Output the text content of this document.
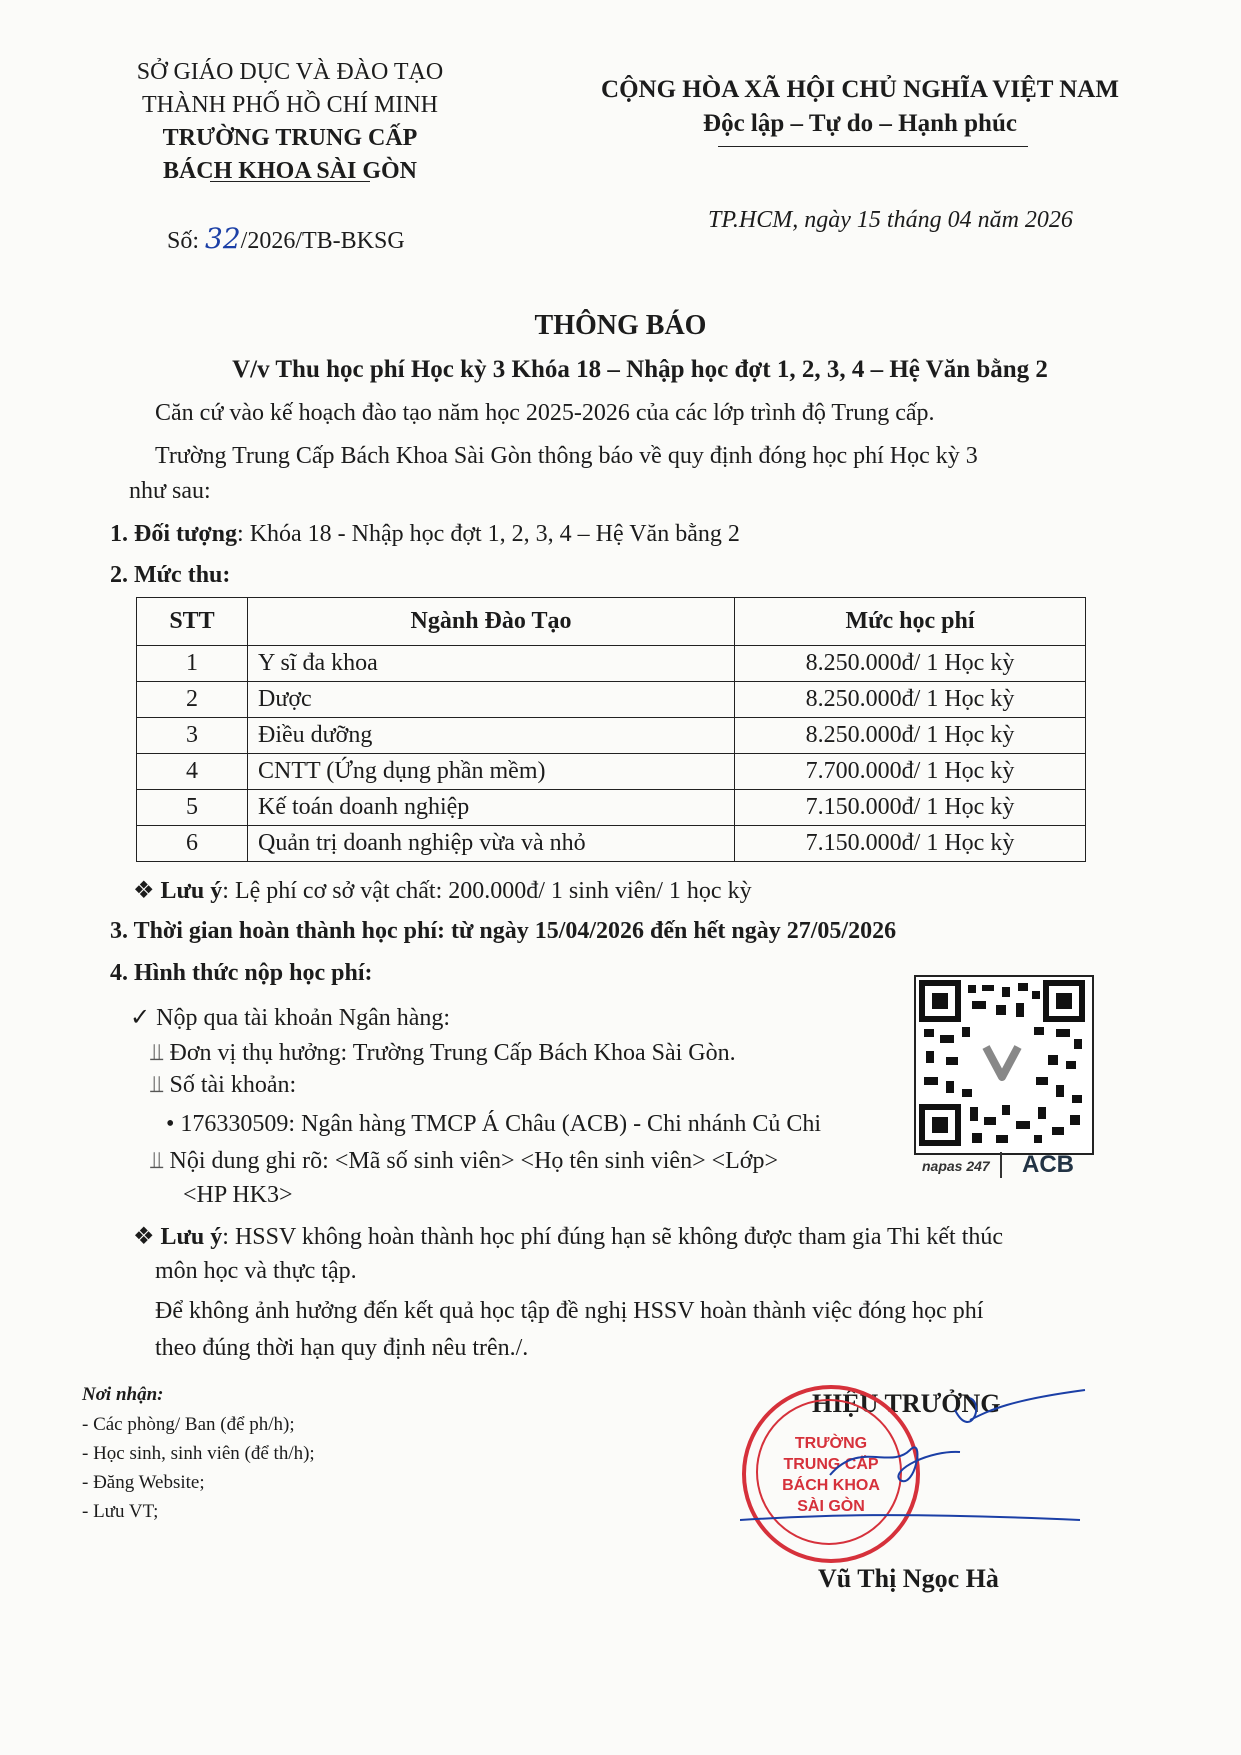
SỞ GIÁO DỤC VÀ ĐÀO TẠO
THÀNH PHỐ HỒ CHÍ MINH
TRƯỜNG TRUNG CẤP
BÁCH KHOA SÀI GÒN
Số: 32/2026/TB-BKSG
CỘNG HÒA XÃ HỘI CHỦ NGHĨA VIỆT NAM
Độc lập – Tự do – Hạnh phúc
TP.HCM, ngày 15 tháng 04 năm 2026
THÔNG BÁO
V/v Thu học phí Học kỳ 3 Khóa 18 – Nhập học đợt 1, 2, 3, 4 – Hệ Văn bằng 2
Căn cứ vào kế hoạch đào tạo năm học 2025-2026 của các lớp trình độ Trung cấp.
Trường Trung Cấp Bách Khoa Sài Gòn thông báo về quy định đóng học phí Học kỳ 3
như sau:
1. Đối tượng: Khóa 18 - Nhập học đợt 1, 2, 3, 4 – Hệ Văn bằng 2
2. Mức thu:
STT	Ngành Đào Tạo	Mức học phí
1	Y sĩ đa khoa	8.250.000đ/ 1 Học kỳ
2	Dược	8.250.000đ/ 1 Học kỳ
3	Điều dưỡng	8.250.000đ/ 1 Học kỳ
4	CNTT (Ứng dụng phần mềm)	7.700.000đ/ 1 Học kỳ
5	Kế toán doanh nghiệp	7.150.000đ/ 1 Học kỳ
6	Quản trị doanh nghiệp vừa và nhỏ	7.150.000đ/ 1 Học kỳ
❖ Lưu ý: Lệ phí cơ sở vật chất: 200.000đ/ 1 sinh viên/ 1 học kỳ
3. Thời gian hoàn thành học phí: từ ngày 15/04/2026 đến hết ngày 27/05/2026
4. Hình thức nộp học phí:
✓ Nộp qua tài khoản Ngân hàng:
⫫ Đơn vị thụ hưởng: Trường Trung Cấp Bách Khoa Sài Gòn.
⫫ Số tài khoản:
• 176330509: Ngân hàng TMCP Á Châu (ACB) - Chi nhánh Củ Chi
⫫ Nội dung ghi rõ: <Mã số sinh viên> <Họ tên sinh viên> <Lớp>
<HP HK3>
❖ Lưu ý: HSSV không hoàn thành học phí đúng hạn sẽ không được tham gia Thi kết thúc
môn học và thực tập.
Để không ảnh hưởng đến kết quả học tập đề nghị HSSV hoàn thành việc đóng học phí
theo đúng thời hạn quy định nêu trên./.
Nơi nhận:
- Các phòng/ Ban (để ph/h);
- Học sinh, sinh viên (để th/h);
- Đăng Website;
- Lưu VT;
napas 247 ACB
HIỆU TRƯỞNG
TRƯỜNG
TRUNG CẤP
BÁCH KHOA
SÀI GÒN
Vũ Thị Ngọc Hà
